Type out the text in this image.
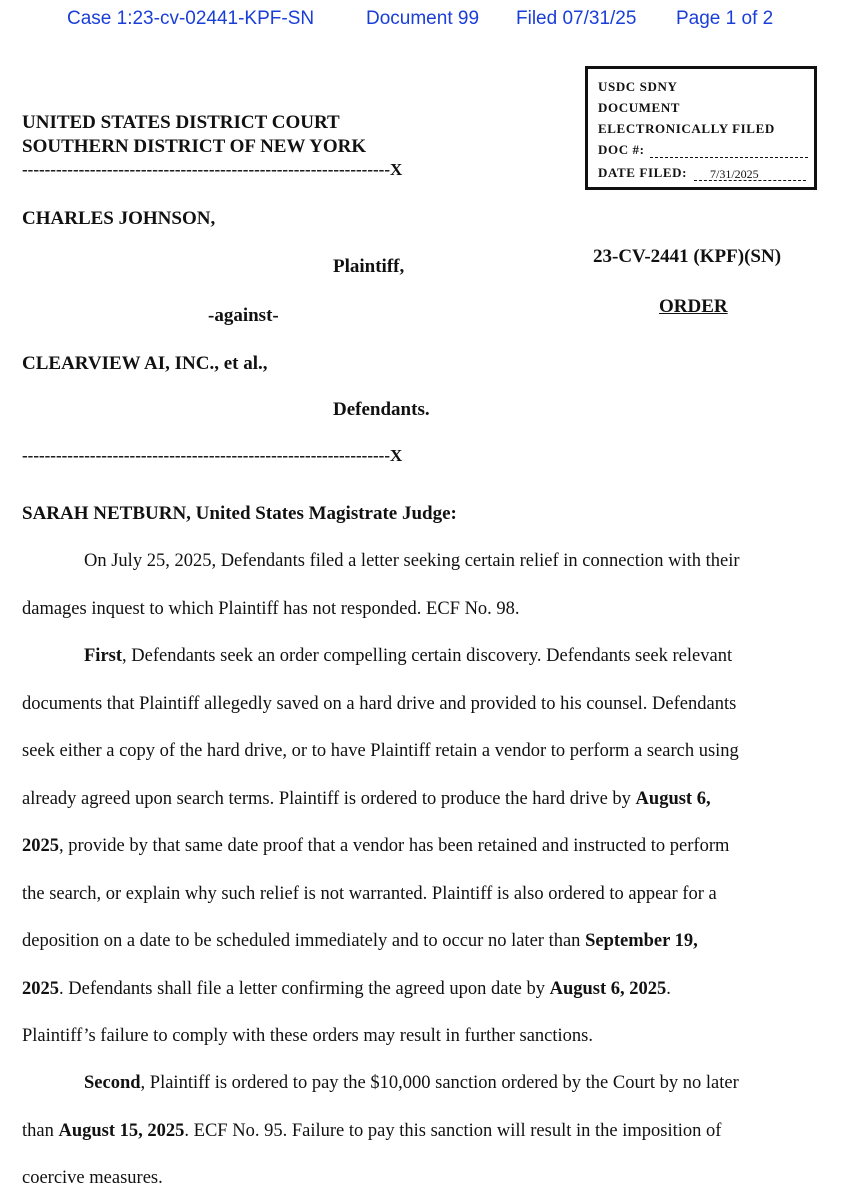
Case 1:23-cv-02441-KPF-SN	Document 99 Filed 07/31/25 Page 1 of 2
USDC SDNY
DOCUMENT
ELECTRONICALLY FILED
DOC #:
DATE FILED: 7/31/2025
UNITED STATES DISTRICT COURT
SOUTHERN DISTRICT OF NEW YORK
-----------------------------------------------------------------X
CHARLES JOHNSON,
Plaintiff,	23-CV-2441 (KPF)(SN)
-against-	ORDER
CLEARVIEW AI, INC., et al.,
Defendants.
-----------------------------------------------------------------X
SARAH NETBURN, United States Magistrate Judge:
On July 25, 2025, Defendants filed a letter seeking certain relief in connection with their
damages inquest to which Plaintiff has not responded. ECF No. 98.
First, Defendants seek an order compelling certain discovery. Defendants seek relevant
documents that Plaintiff allegedly saved on a hard drive and provided to his counsel. Defendants
seek either a copy of the hard drive, or to have Plaintiff retain a vendor to perform a search using
already agreed upon search terms. Plaintiff is ordered to produce the hard drive by August 6,
2025, provide by that same date proof that a vendor has been retained and instructed to perform
the search, or explain why such relief is not warranted. Plaintiff is also ordered to appear for a
deposition on a date to be scheduled immediately and to occur no later than September 19,
2025. Defendants shall file a letter confirming the agreed upon date by August 6, 2025.
Plaintiff’s failure to comply with these orders may result in further sanctions.
Second, Plaintiff is ordered to pay the $10,000 sanction ordered by the Court by no later
than August 15, 2025. ECF No. 95. Failure to pay this sanction will result in the imposition of
coercive measures.
